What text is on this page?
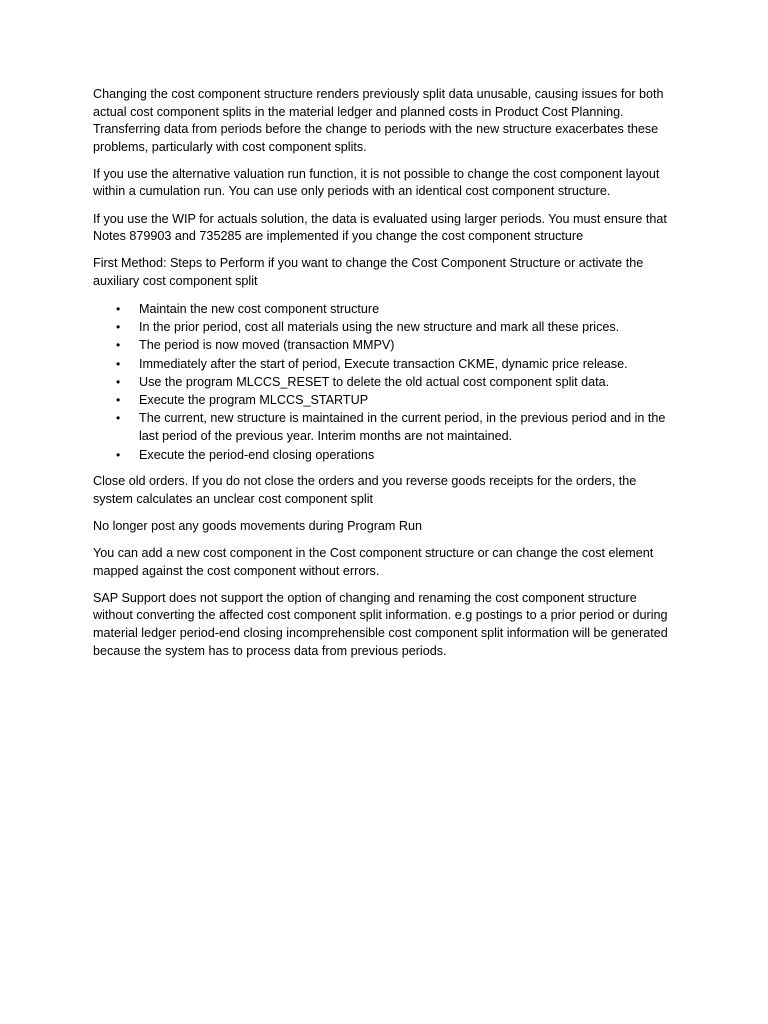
Changing the cost component structure renders previously split data unusable, causing issues for both actual cost component splits in the material ledger and planned costs in Product Cost Planning. Transferring data from periods before the change to periods with the new structure exacerbates these problems, particularly with cost component splits.

If you use the alternative valuation run function, it is not possible to change the cost component layout within a cumulation run. You can use only periods with an identical cost component structure.

If you use the WIP for actuals solution, the data is evaluated using larger periods. You must ensure that Notes 879903 and 735285 are implemented if you change the cost component structure

First Method: Steps to Perform if you want to change the Cost Component Structure or activate the auxiliary cost component split

• Maintain the new cost component structure
• In the prior period, cost all materials using the new structure and mark all these prices.
• The period is now moved (transaction MMPV)
• Immediately after the start of period, Execute transaction CKME, dynamic price release.
• Use the program MLCCS_RESET to delete the old actual cost component split data.
• Execute the program MLCCS_STARTUP
• The current, new structure is maintained in the current period, in the previous period and in the last period of the previous year. Interim months are not maintained.
• Execute the period-end closing operations

Close old orders. If you do not close the orders and you reverse goods receipts for the orders, the system calculates an unclear cost component split

No longer post any goods movements during Program Run

You can add a new cost component in the Cost component structure or can change the cost element mapped against the cost component without errors.

SAP Support does not support the option of changing and renaming the cost component structure without converting the affected cost component split information. e.g postings to a prior period or during material ledger period-end closing incomprehensible cost component split information will be generated because the system has to process data from previous periods.
